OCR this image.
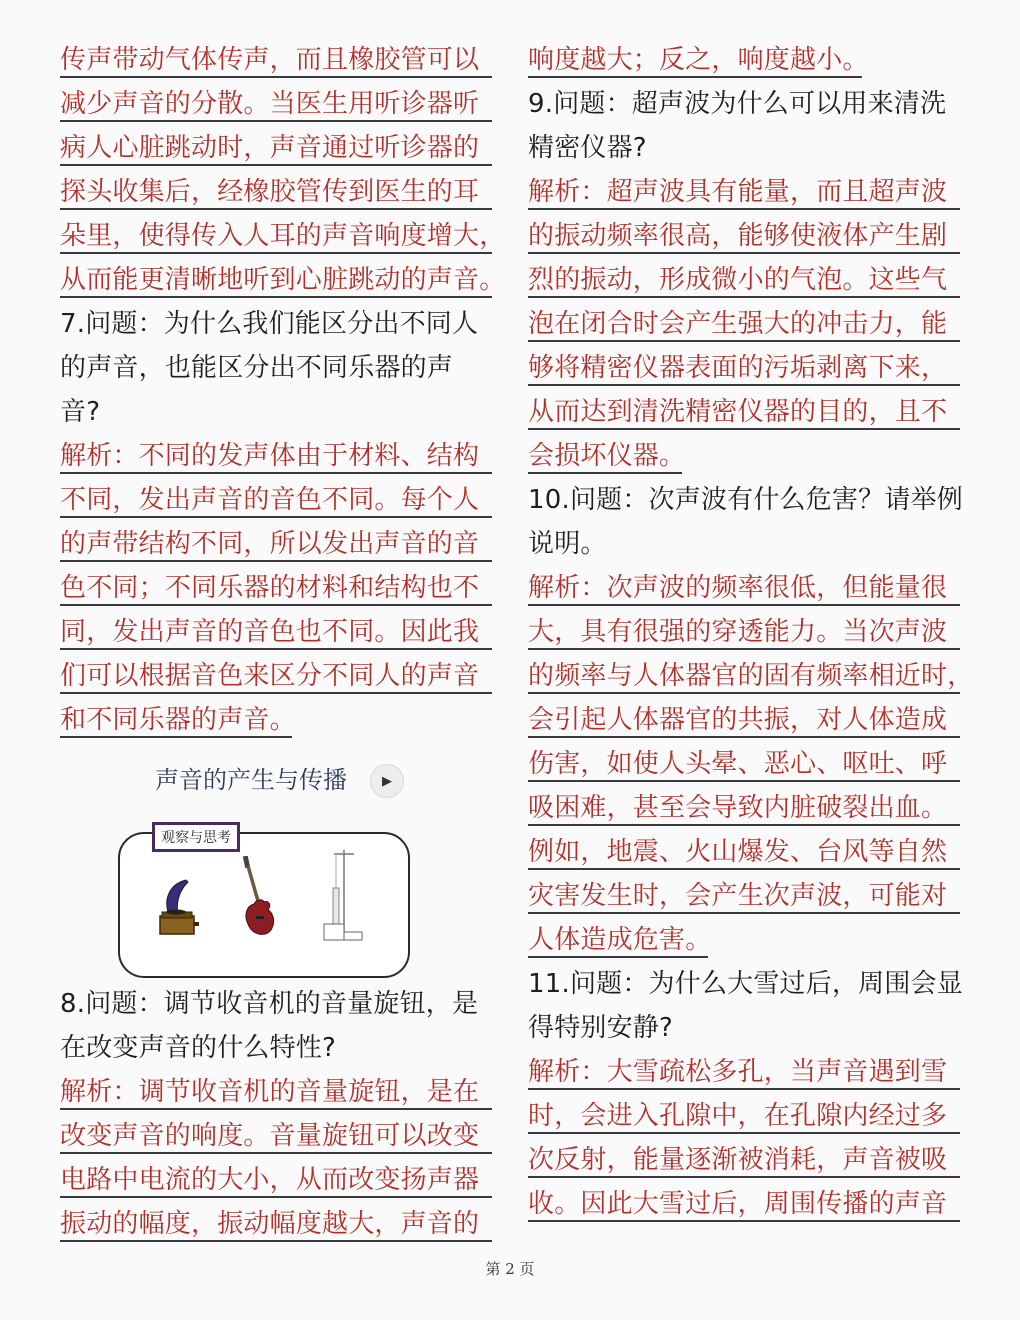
传声带动气体传声，而且橡胶管可以
减少声音的分散。当医生用听诊器听
病人心脏跳动时，声音通过听诊器的
探头收集后，经橡胶管传到医生的耳
朵里，使得传入人耳的声音响度增大，
从而能更清晰地听到心脏跳动的声音。
7.问题：为什么我们能区分出不同人
的声音，也能区分出不同乐器的声
音?
解析：不同的发声体由于材料、结构
不同，发出声音的音色不同。每个人
的声带结构不同，所以发出声音的音
色不同；不同乐器的材料和结构也不
同，发出声音的音色也不同。因此我
们可以根据音色来区分不同人的声音
和不同乐器的声音。
声音的产生与传播	▶
观察与思考
8.问题：调节收音机的音量旋钮，是
在改变声音的什么特性?
解析：调节收音机的音量旋钮，是在
改变声音的响度。音量旋钮可以改变
电路中电流的大小，从而改变扬声器
振动的幅度，振动幅度越大，声音的
响度越大；反之，响度越小。
9.问题：超声波为什么可以用来清洗
精密仪器?
解析：超声波具有能量，而且超声波
的振动频率很高，能够使液体产生剧
烈的振动，形成微小的气泡。这些气
泡在闭合时会产生强大的冲击力，能
够将精密仪器表面的污垢剥离下来，
从而达到清洗精密仪器的目的，且不
会损坏仪器。
10.问题：次声波有什么危害？请举例
说明。
解析：次声波的频率很低，但能量很
大，具有很强的穿透能力。当次声波
的频率与人体器官的固有频率相近时，
会引起人体器官的共振，对人体造成
伤害，如使人头晕、恶心、呕吐、呼
吸困难，甚至会导致内脏破裂出血。
例如，地震、火山爆发、台风等自然
灾害发生时，会产生次声波，可能对
人体造成危害。
11.问题：为什么大雪过后，周围会显
得特别安静?
解析：大雪疏松多孔，当声音遇到雪
时，会进入孔隙中，在孔隙内经过多
次反射，能量逐渐被消耗，声音被吸
收。因此大雪过后，周围传播的声音
第 2 页
